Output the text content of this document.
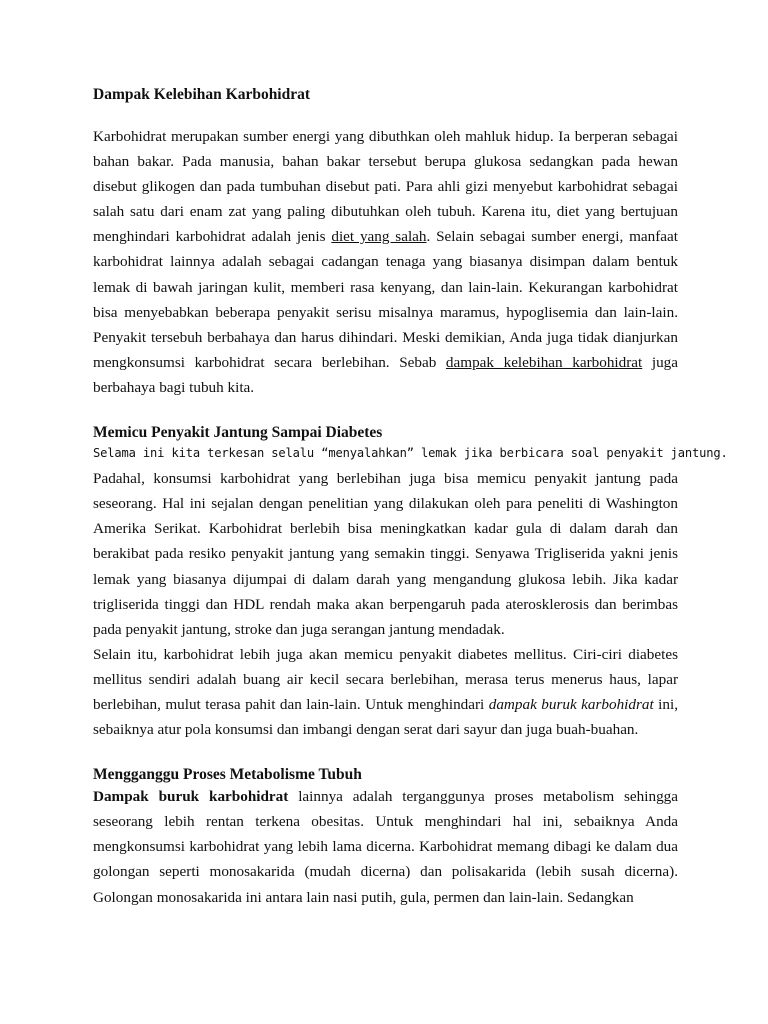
Dampak Kelebihan Karbohidrat

Karbohidrat merupakan sumber energi yang dibuthkan oleh mahluk hidup. Ia berperan sebagai bahan bakar. Pada manusia, bahan bakar tersebut berupa glukosa sedangkan pada hewan disebut glikogen dan pada tumbuhan disebut pati. Para ahli gizi menyebut karbohidrat sebagai salah satu dari enam zat yang paling dibutuhkan oleh tubuh. Karena itu, diet yang bertujuan menghindari karbohidrat adalah jenis diet yang salah. Selain sebagai sumber energi, manfaat karbohidrat lainnya adalah sebagai cadangan tenaga yang biasanya disimpan dalam bentuk lemak di bawah jaringan kulit, memberi rasa kenyang, dan lain-lain. Kekurangan karbohidrat bisa menyebabkan beberapa penyakit serisu misalnya maramus, hypoglisemia dan lain-lain. Penyakit tersebuh berbahaya dan harus dihindari. Meski demikian, Anda juga tidak dianjurkan mengkonsumsi karbohidrat secara berlebihan. Sebab dampak kelebihan karbohidrat juga berbahaya bagi tubuh kita.

Memicu Penyakit Jantung Sampai Diabetes
Selama ini kita terkesan selalu “menyalahkan” lemak jika berbicara soal penyakit jantung.

Padahal, konsumsi karbohidrat yang berlebihan juga bisa memicu penyakit jantung pada seseorang. Hal ini sejalan dengan penelitian yang dilakukan oleh para peneliti di Washington Amerika Serikat. Karbohidrat berlebih bisa meningkatkan kadar gula di dalam darah dan berakibat pada resiko penyakit jantung yang semakin tinggi. Senyawa Trigliserida yakni jenis lemak yang biasanya dijumpai di dalam darah yang mengandung glukosa lebih. Jika kadar trigliserida tinggi dan HDL rendah maka akan berpengaruh pada aterosklerosis dan berimbas pada penyakit jantung, stroke dan juga serangan jantung mendadak.

Selain itu, karbohidrat lebih juga akan memicu penyakit diabetes mellitus. Ciri-ciri diabetes mellitus sendiri adalah buang air kecil secara berlebihan, merasa terus menerus haus, lapar berlebihan, mulut terasa pahit dan lain-lain. Untuk menghindari dampak buruk karbohidrat ini, sebaiknya atur pola konsumsi dan imbangi dengan serat dari sayur dan juga buah-buahan.

Mengganggu Proses Metabolisme Tubuh

Dampak buruk karbohidrat lainnya adalah terganggunya proses metabolism sehingga seseorang lebih rentan terkena obesitas. Untuk menghindari hal ini, sebaiknya Anda mengkonsumsi karbohidrat yang lebih lama dicerna. Karbohidrat memang dibagi ke dalam dua golongan seperti monosakarida (mudah dicerna) dan polisakarida (lebih susah dicerna). Golongan monosakarida ini antara lain nasi putih, gula, permen dan lain-lain. Sedangkan
